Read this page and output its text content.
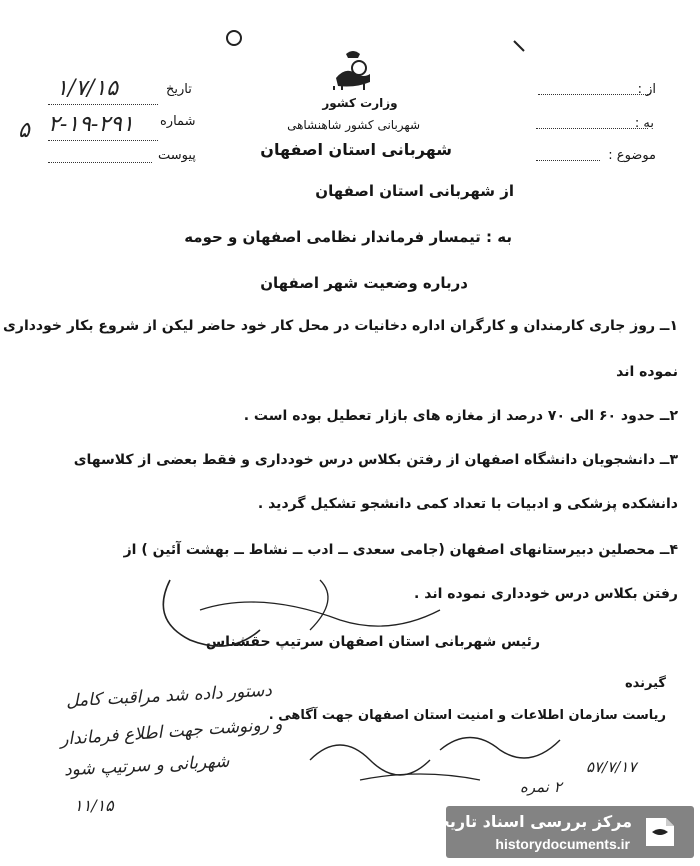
تاریخ
شماره
پیوست
۱/۷/۱۵
۵ ۲-۱۹-۲۹۱
وزارت کشور
شهربانی کشور شاهنشاهی
شهربانی استان اصفهان
از :
به :
موضوع :
از شهربانی استان اصفهان
به : تیمسار فرماندار نظامی اصفهان و حومه
درباره وضعیت شهر اصفهان
۱ــ روز جاری کارمندان و کارگران اداره دخانیات در محل کار خود حاضر لیکن از شروع بکار خودداری
نموده اند
۲ــ حدود ۶۰ الی ۷۰ درصد از مغازه های بازار تعطیل بوده است .
۳ــ دانشجویان دانشگاه اصفهان از رفتن بکلاس درس خودداری و فقط بعضی از کلاسهای
دانشکده پزشکی و ادبیات با تعداد کمی دانشجو تشکیل گردید .
۴ــ محصلین دبیرستانهای اصفهان (جامی سعدی ــ ادب ــ نشاط ــ بهشت آئین ) از
رفتن بکلاس درس خودداری نموده اند .
رئیس شهربانی استان اصفهان سرتیپ حقشناس
گیرنده
ریاست سازمان اطلاعات و امنیت استان اصفهان جهت آگاهی .
دستور داده شد مراقبت کامل
و رونوشت جهت اطلاع فرماندار
شهربانی و سرتیپ شود
۱۱/۱۵
۵۷/۷/۱۷
۲ نمره
مرکز بررسی اسناد تاریخی
historydocuments.ir
